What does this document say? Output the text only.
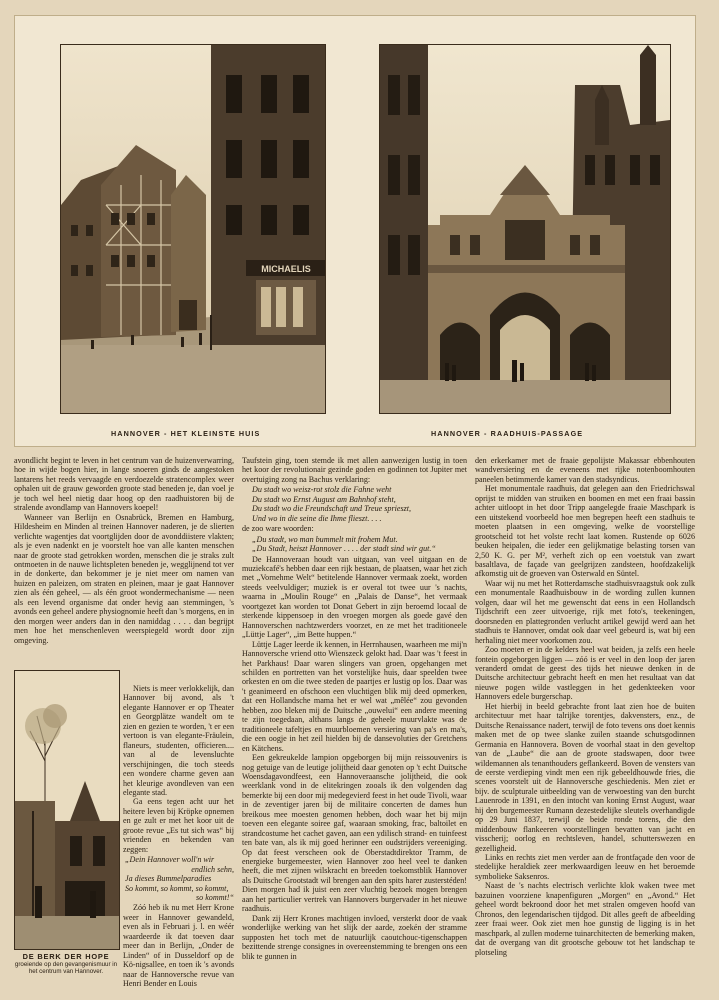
MICHAELIS
HANNOVER - HET KLEINSTE HUIS	HANNOVER - RAADHUIS-PASSAGE

avondlicht begint te leven in het centrum van de huizenverwarring, hoe in wijde bogen hier, in lange snoeren ginds de aangestoken lantarens het reeds vervaagde en verdoezelde stratencomplex weer ophalen uit de grauw geworden groote stad beneden je, dan voel je je toch wel heel nietig daar hoog op den raadhuistoren bij de stralende avondlamp van Hannovers koepel!

Wanneer van Berlijn en Osnabrück, Bremen en Hamburg, Hildesheim en Minden al treinen Hannover naderen, je de slierten verlichte wagentjes dat voortglijden door de avonddiistere vlakten; als je even nadenkt en je voorstelt hoe van alle kanten menschen naar de groote stad getrokken worden, menschen die je straks zult ontmoeten in de nauwe lichtspleten beneden je, wegglijnend tot ver in de donkerte, dan bekommer je je niet meer om namen van huizen en paleizen, om straten en pleinen, maar je gaat Hannover zien als één geheel, — als één groot wondermechanisme — neen als een levend organisme dat onder hevig aan stemmingen, 's avonds een geheel andere physiognomie heeft dan 's morgens, en in den morgen weer anders dan in den namiddag . . . . dan begrijpt men hoe het menschenleven weerspiegeld wordt door zijn omgeving.

Niets is meer verlokkelijk, dan Hannover bij avond, als 't elegante Hannover er op Theater en Georgplätze wandelt om te zien en gezien te worden, 't er een vertoon is van elegante-Fräulein, flaneurs, studenten, officieren.... van al de levensluchte verschijningen, die toch steeds een wondere charme geven aan het kleurige avondleven van een elegante stad.

Ga eens tegen acht uur het heitere leven bij Kröpke opnemen en ge zult er met het koor uit de groote revue „Es tut sich was“ bij vrienden en bekenden van zeggen:

„Dein Hannover woll'n wir
endlich sehn,
Ja dieses Bummelparadies
So kommt, so kommt, so kommt,
so kommt!“

Zóó heb ik nu met Herr Krone weer in Hannover gewandeld, even als in Februari j. l. en wéér waardeerde ik dat toeven daar meer dan in Berlijn, „Onder de Linden“ of in Dusseldorf op de Kö-nigsallee, en toen ik 's avonds naar de Hannoversche revue van Henri Bender en Louis

DE BERK DER HOPE
groeiende op den gevangenismuur in het centrum van Hannover.

Taufstein ging, toen stemde ik met allen aanwezigen lustig in toen het koor der revolutionair gezinde goden en godinnen tot Jupiter met overtuiging zong na Bachus verklaring:

Du stadt wo weisz-rot stolz die Fahne weht
Du stadt wo Ernst August am Bahnhof steht,
Du stadt wo die Freundschaft und Treue sprieszt,
Und wo in die seine die Ihme flieszt. . . .

de zoo ware woorden:

„Du stadt, wo man bummelt mit frohem Mut.
„Du Stadt, heiszt Hannover . . . . der stadt sind wir gut.“

De Hannoveraan houdt van uitgaan, van veel uitgaan en de muziekcafé's hebben daar een rijk bestaan, de plaatsen, waar het zich met „Vornehme Welt“ betitelende Hannover vermaak zoekt, worden steeds veelvuldiger; muziek is er overal tot twee uur 's nachts, waarna in „Moulin Rouge“ en „Palais de Danse“, het vermaak voortgezet kan worden tot Donat Gebert in zijn beroemd locaal de sterkende kippensoep in den vroegen morgen als goede gavé den Hannoverschen nachtzwerders voorzet, en ze met het traditioneele „Lüttje Lager“, „im Bette huppen.“

Lüttje Lager leerde ik kennen, in Herrnhausen, waarheen me mij'n Hannoversche vriend otto Wienszeck gelokt had. Daar was 't feest in het Parkhaus! Daar waren slingers van groen, opgehangen met schilden en portretten van het vorstelijke huis, daar speelden twee orkesten en om die twee steden de paartjes er lustig op los. Daar was 't geanimeerd en ofschoon een vluchtigen blik mij deed opmerken, dat een Hollandsche mama het er wel wat „mêlée“ zou gevonden hebben, zoo bleken mij de Duitsche „ouwelui“ een andere meening te zijn toegedaan, althans langs de geheele muurvlakte was de traditioneele tafeltjes en muurbloemen versiering van pa's en ma's, die een oogje in het zeil hielden bij de dansevoluties der Gretchens en Kätchens.

Een gekreukelde lampion opgeborgen bij mijn reissouvenirs is nog getuige van de leutige jolijtheid daar genoten op 't echt Duitsche Woensdagavondfeest, een Hannoveraansche jolijtheid, die ook weerklank vond in de elitekringen zooals ik den volgenden dag bemerkte bij een door mij medegevierd feest in het oude Tivoli, waar in de zeventiger jaren bij de militaire concerten de dames hun breikous mee moesten genomen hebben, doch waar het bij mijn toeven een elegante soiree gaf, waaraan smoking, frac, baltoilet en strandcostume het cachet gaven, aan een ydilisch strand- en tuinfeest ten bate van, als ik mij goed herinner een oudstrijders vereeniging. Op dat feest verscheen ook de Oberstadtdirektor Tramm, de energieke burgemeester, wien Hannover zoo heel veel te danken heeft, die met zijnen wilskracht en breeden toekomstblik Hannover als Duitsche Grootstadt wil brengen aan den spits harer zusterstéden! Dien morgen had ik juist een zeer vluchtig bezoek mogen brengen aan het particulier vertrek van Hannovers burgervader in het nieuwe raadhuis.

Dank zij Herr Krones machtigen invloed, versterkt door de vaak wonderlijke werking van het slijk der aarde, zoekén der stramme supposten het toch met de natuurlijk caoutchouc-tigenschappen bezittende strenge consignes in overeenstemming te brengen ons een blik te gunnen in

den erkerkamer met de fraaie gepolijste Makassar ebbenhouten wandversiering en de eveneens met rijke notenboomhouten paneelen betimmerde kamer van den stadsyndicus.

Het monumentale raadhuis, dat gelegen aan den Friedrichswal oprijst te midden van struiken en boomen en met een fraai bassin achter uitloopt in het door Tripp aangelegde fraaie Maschpark is een uitstekend voorbeeld hoe men begrepen heeft een stadhuis te moeten plaatsen in een omgeving, welke de voorstellige grootscheid tot het volste recht laat komen. Rustende op 6026 beuken heipalen, die ieder een gelijkmatige belasting torsen van 2,50 K. G. per M², verheft zich op een voetstuk van zwart basaltlava, de façade van geelgrijzen zandsteen, hoofdzakelijk afkomstig uit de groeven van Osterwald en Süntel.

Waar wij nu met het Rotterdamsche stadhuisvraagstuk ook zulk een monumentale Raadhuisbouw in de wording zullen kunnen volgen, daar wil het me gewenscht dat eens in een Hollandsch Tijdschrift een zeer uitvoerige, rijk met foto's, teekeningen, doorsneden en plattegronden verlucht artikel gewijd werd aan het stadhuis te Hannover, omdat ook daar veel gebeurd is, wat bij een herhaling niet meer voorkomen zou.

Zoo moeten er in de kelders heel wat beiden, ja zelfs een heele fontein opgeborgen liggen — zóó is er veel in den loop der jaren veranderd omdat de geest des tijds het nieuwe denken in de Duitsche architectuur gebracht heeft en men het resultaat van dat nieuwe pogen wilde vastleggen in het gedenkteeken voor Hannovers edele burgerschap.

Het hierbij in beeld gebrachte front laat zien hoe de buiten architectuur met haar talrijke torentjes, dakvensters, enz., de Duitsche Renaissance nadert, terwijl de foto tevens ons doet kennis maken met de op twee slanke zuilen staande schutsgodinnen Germania en Hannovera. Boven de voorhal staat in den geveltop van de „Laube“ die aan de groote stadswapen, door twee wildemannen als tenanthouders geflankeerd. Boven de vensters van de eerste verdieping vindt men een rijk gebeeldhouwde fries, die scenes voorstelt uit de Hannoversche geschiedenis. Men ziet er bijv. de sculpturale uitbeelding van de verwoesting van den burcht Lauenrode in 1391, en den intocht van koning Ernst August, waar hij den burgemeester Rumann dezestedelijke sleutels overhandigde op 29 Juni 1837, terwijl de beide ronde torens, die den middenbouw flankeeren voorstellingen bevatten van jacht en visscherij; oorlog en rechtsleven, handel, schutterswezen en gezelligheid.

Links en rechts ziet men verder aan de frontfaçade den voor de stedelijke heraldiek zeer merkwaardigen leeuw en het beroemde symbolieke Saksenros.

Naast de 's nachts electrisch verlichte klok waken twee met bazuinen voorziene knapenfiguren „Morgen“ en „Avond.“ Het geheel wordt bekroond door het met stralen omgeven hoofd van Chronos, den legendarischen tijdgod. Dit alles geeft de afbeelding zeer fraai weer. Ook ziet men hoe gunstig de ligging is in het maschpark, al zullen moderne tuinarchitecten de bemerking maken, dat de overgang van dit grootsche gebouw tot het landschap te plotseling
